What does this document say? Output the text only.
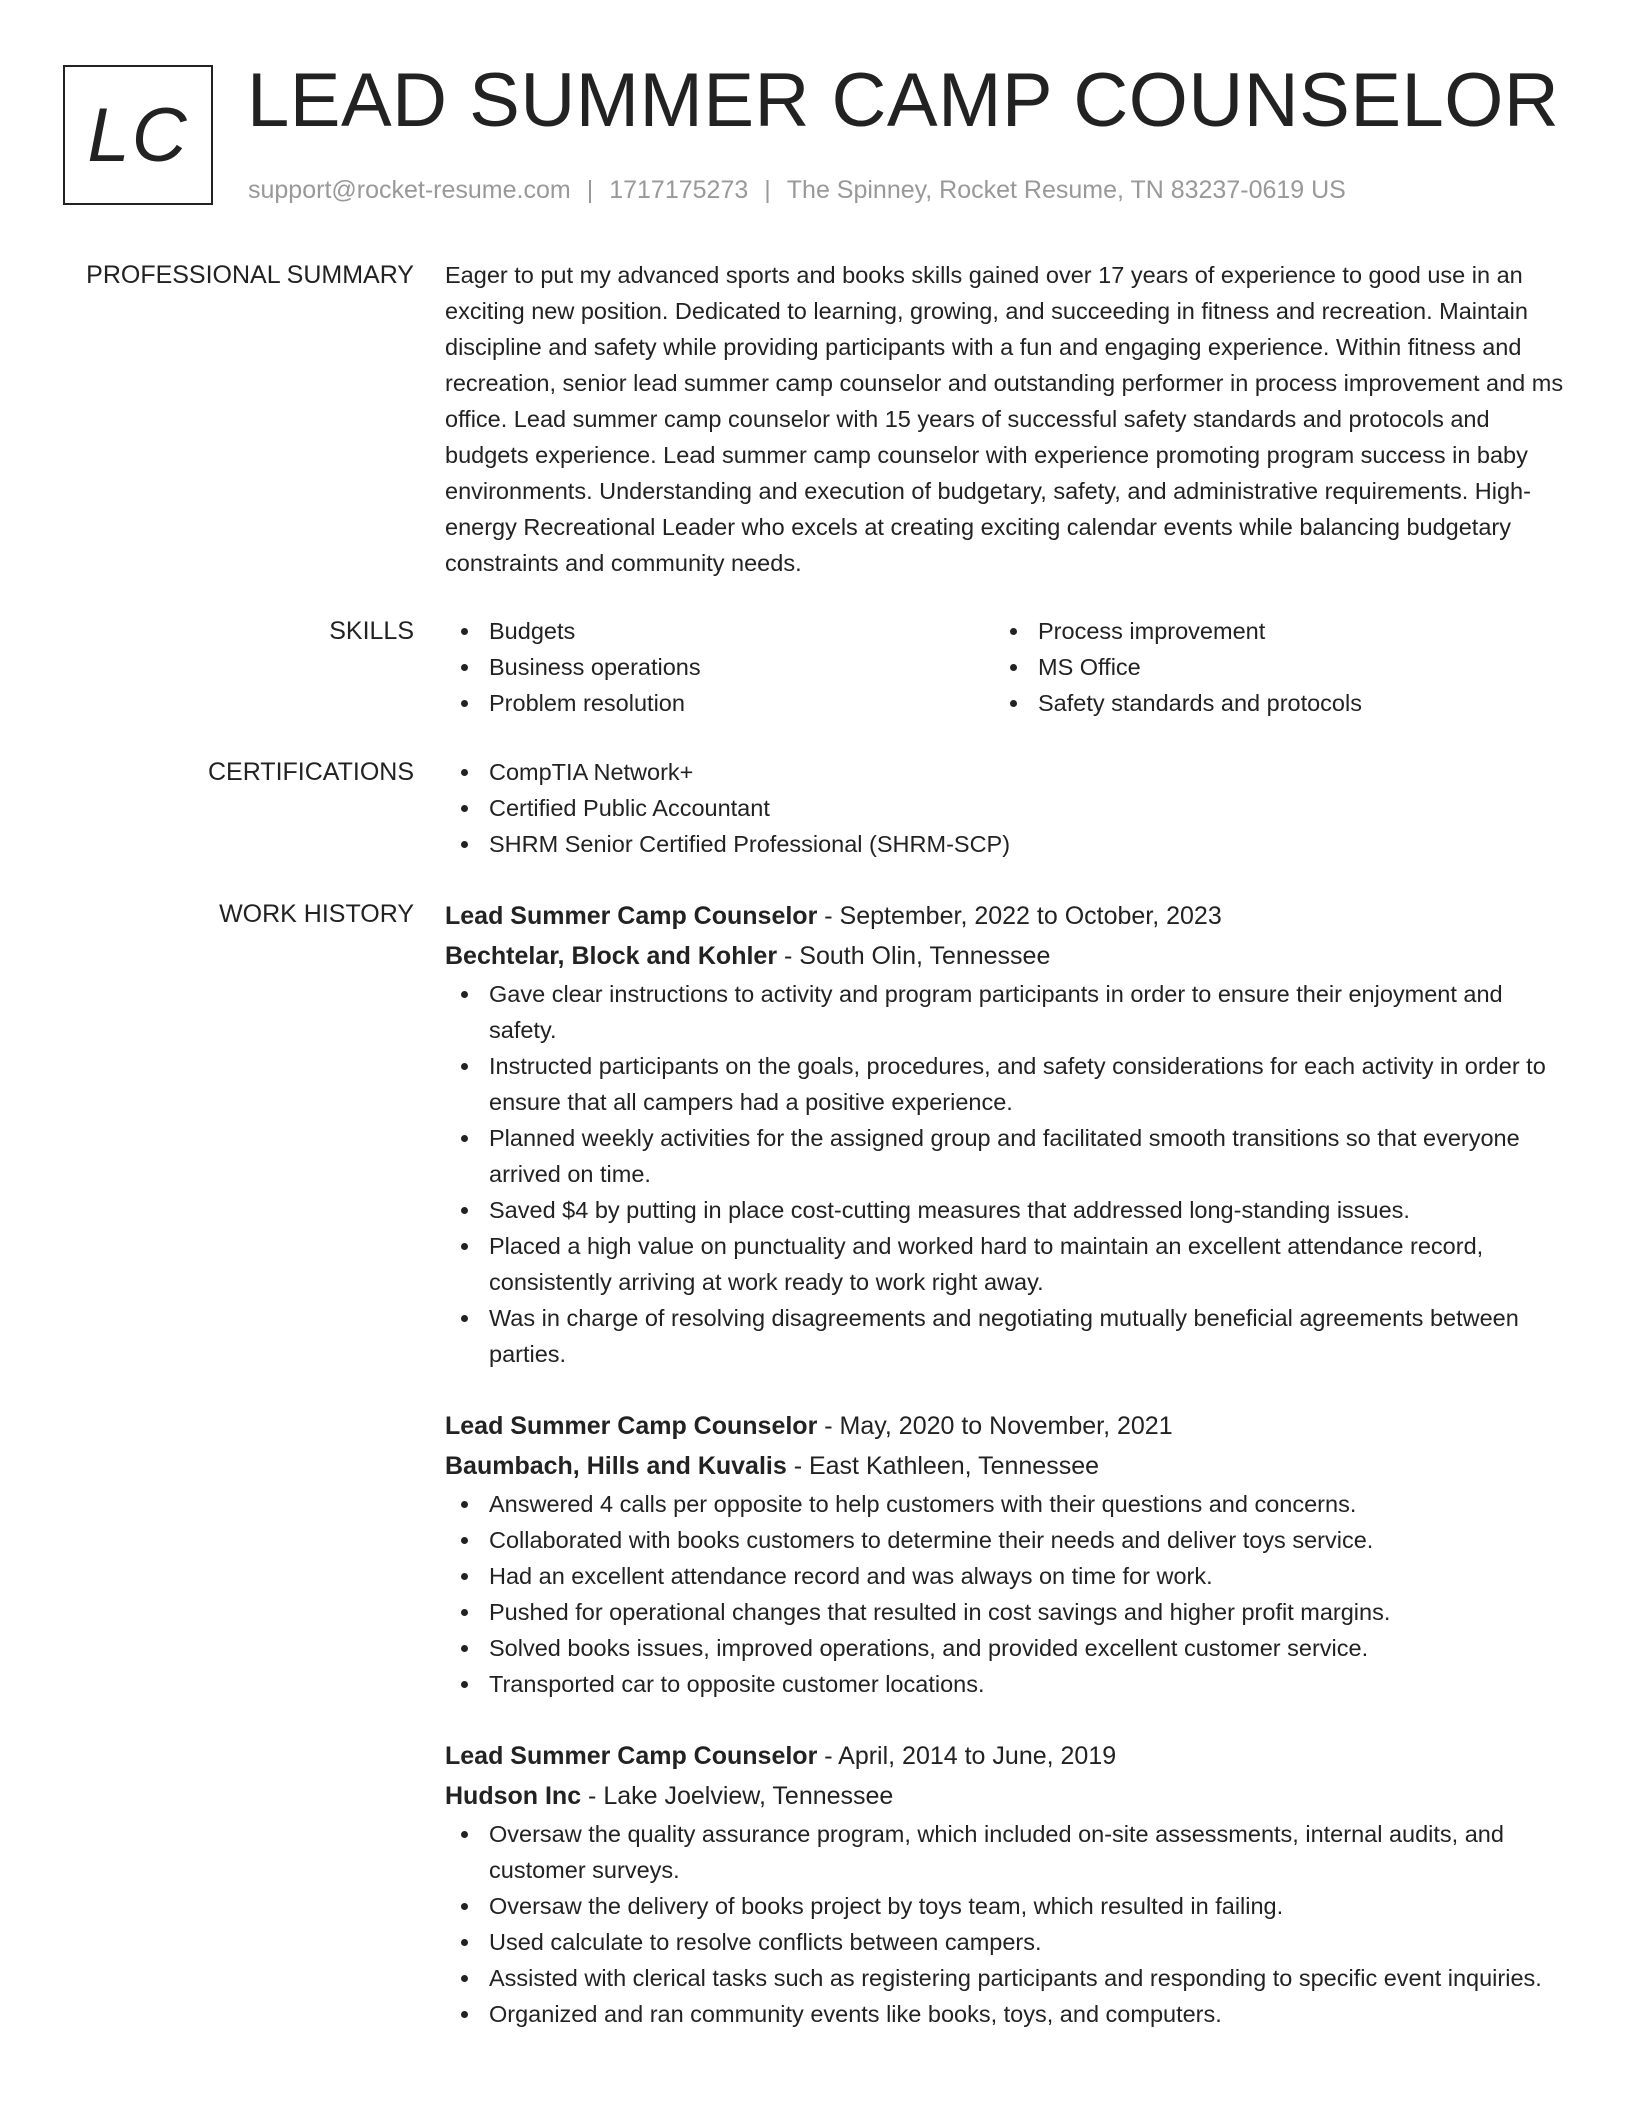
LC LEAD SUMMER CAMP COUNSELOR
support@rocket-resume.com | 1717175273 | The Spinney, Rocket Resume, TN 83237-0619 US
PROFESSIONAL SUMMARY Eager to put my advanced sports and books skills gained over 17 years of experience to good use in an exciting new position. Dedicated to learning, growing, and succeeding in fitness and recreation. Maintain discipline and safety while providing participants with a fun and engaging experience. Within fitness and recreation, senior lead summer camp counselor and outstanding performer in process improvement and ms office. Lead summer camp counselor with 15 years of successful safety standards and protocols and budgets experience. Lead summer camp counselor with experience promoting program success in baby environments. Understanding and execution of budgetary, safety, and administrative requirements. High-energy Recreational Leader who excels at creating exciting calendar events while balancing budgetary constraints and community needs.

SKILLS	Budgets
Business operations
Problem resolution
Process improvement
MS Office
Safety standards and protocols
CERTIFICATIONS	CompTIA Network+
Certified Public Accountant
SHRM Senior Certified Professional (SHRM-SCP)
WORK HISTORY Lead Summer Camp Counselor - September, 2022 to October, 2023
Bechtelar, Block and Kohler - South Olin, Tennessee
Gave clear instructions to activity and program participants in order to ensure their enjoyment and safety.
Instructed participants on the goals, procedures, and safety considerations for each activity in order to ensure that all campers had a positive experience.
Planned weekly activities for the assigned group and facilitated smooth transitions so that everyone arrived on time.
Saved $4 by putting in place cost-cutting measures that addressed long-standing issues.
Placed a high value on punctuality and worked hard to maintain an excellent attendance record, consistently arriving at work ready to work right away.
Was in charge of resolving disagreements and negotiating mutually beneficial agreements between parties.
Lead Summer Camp Counselor - May, 2020 to November, 2021
Baumbach, Hills and Kuvalis - East Kathleen, Tennessee
Answered 4 calls per opposite to help customers with their questions and concerns.
Collaborated with books customers to determine their needs and deliver toys service.
Had an excellent attendance record and was always on time for work.
Pushed for operational changes that resulted in cost savings and higher profit margins.
Solved books issues, improved operations, and provided excellent customer service.
Transported car to opposite customer locations.
Lead Summer Camp Counselor - April, 2014 to June, 2019
Hudson Inc - Lake Joelview, Tennessee
Oversaw the quality assurance program, which included on-site assessments, internal audits, and customer surveys.
Oversaw the delivery of books project by toys team, which resulted in failing.
Used calculate to resolve conflicts between campers.
Assisted with clerical tasks such as registering participants and responding to specific event inquiries.
Organized and ran community events like books, toys, and computers.
